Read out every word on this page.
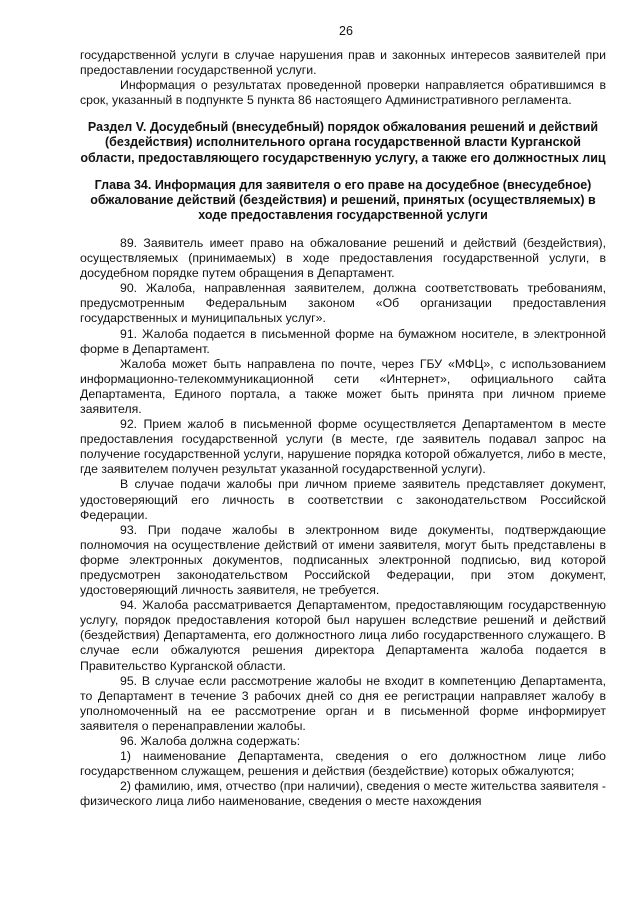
26

государственной услуги в случае нарушения прав и законных интересов заявителей при предоставлении государственной услуги.

Информация о результатах проведенной проверки направляется обратившимся в срок, указанный в подпункте 5 пункта 86 настоящего Административного регламента.

Раздел V. Досудебный (внесудебный) порядок обжалования решений и действий (бездействия) исполнительного органа государственной власти Курганской области, предоставляющего государственную услугу, а также его должностных лиц

Глава 34. Информация для заявителя о его праве на досудебное (внесудебное) обжалование действий (бездействия) и решений, принятых (осуществляемых) в ходе предоставления государственной услуги

89. Заявитель имеет право на обжалование решений и действий (бездействия), осуществляемых (принимаемых) в ходе предоставления государственной услуги, в досудебном порядке путем обращения в Департамент.

90. Жалоба, направленная заявителем, должна соответствовать требованиям, предусмотренным Федеральным законом «Об организации предоставления государственных и муниципальных услуг».

91. Жалоба подается в письменной форме на бумажном носителе, в электронной форме в Департамент.

Жалоба может быть направлена по почте, через ГБУ «МФЦ», с использованием информационно-телекоммуникационной сети «Интернет», официального сайта Департамента, Единого портала, а также может быть принята при личном приеме заявителя.

92. Прием жалоб в письменной форме осуществляется Департаментом в месте предоставления государственной услуги (в месте, где заявитель подавал запрос на получение государственной услуги, нарушение порядка которой обжалуется, либо в месте, где заявителем получен результат указанной государственной услуги).

В случае подачи жалобы при личном приеме заявитель представляет документ, удостоверяющий его личность в соответствии с законодательством Российской Федерации.

93. При подаче жалобы в электронном виде документы, подтверждающие полномочия на осуществление действий от имени заявителя, могут быть представлены в форме электронных документов, подписанных электронной подписью, вид которой предусмотрен законодательством Российской Федерации, при этом документ, удостоверяющий личность заявителя, не требуется.

94. Жалоба рассматривается Департаментом, предоставляющим государственную услугу, порядок предоставления которой был нарушен вследствие решений и действий (бездействия) Департамента, его должностного лица либо государственного служащего. В случае если обжалуются решения директора Департамента жалоба подается в Правительство Курганской области.

95. В случае если рассмотрение жалобы не входит в компетенцию Департамента, то Департамент в течение 3 рабочих дней со дня ее регистрации направляет жалобу в уполномоченный на ее рассмотрение орган и в письменной форме информирует заявителя о перенаправлении жалобы.

96. Жалоба должна содержать:

1) наименование Департамента, сведения о его должностном лице либо государственном служащем, решения и действия (бездействие) которых обжалуются;

2) фамилию, имя, отчество (при наличии), сведения о месте жительства заявителя - физического лица либо наименование, сведения о месте нахождения
